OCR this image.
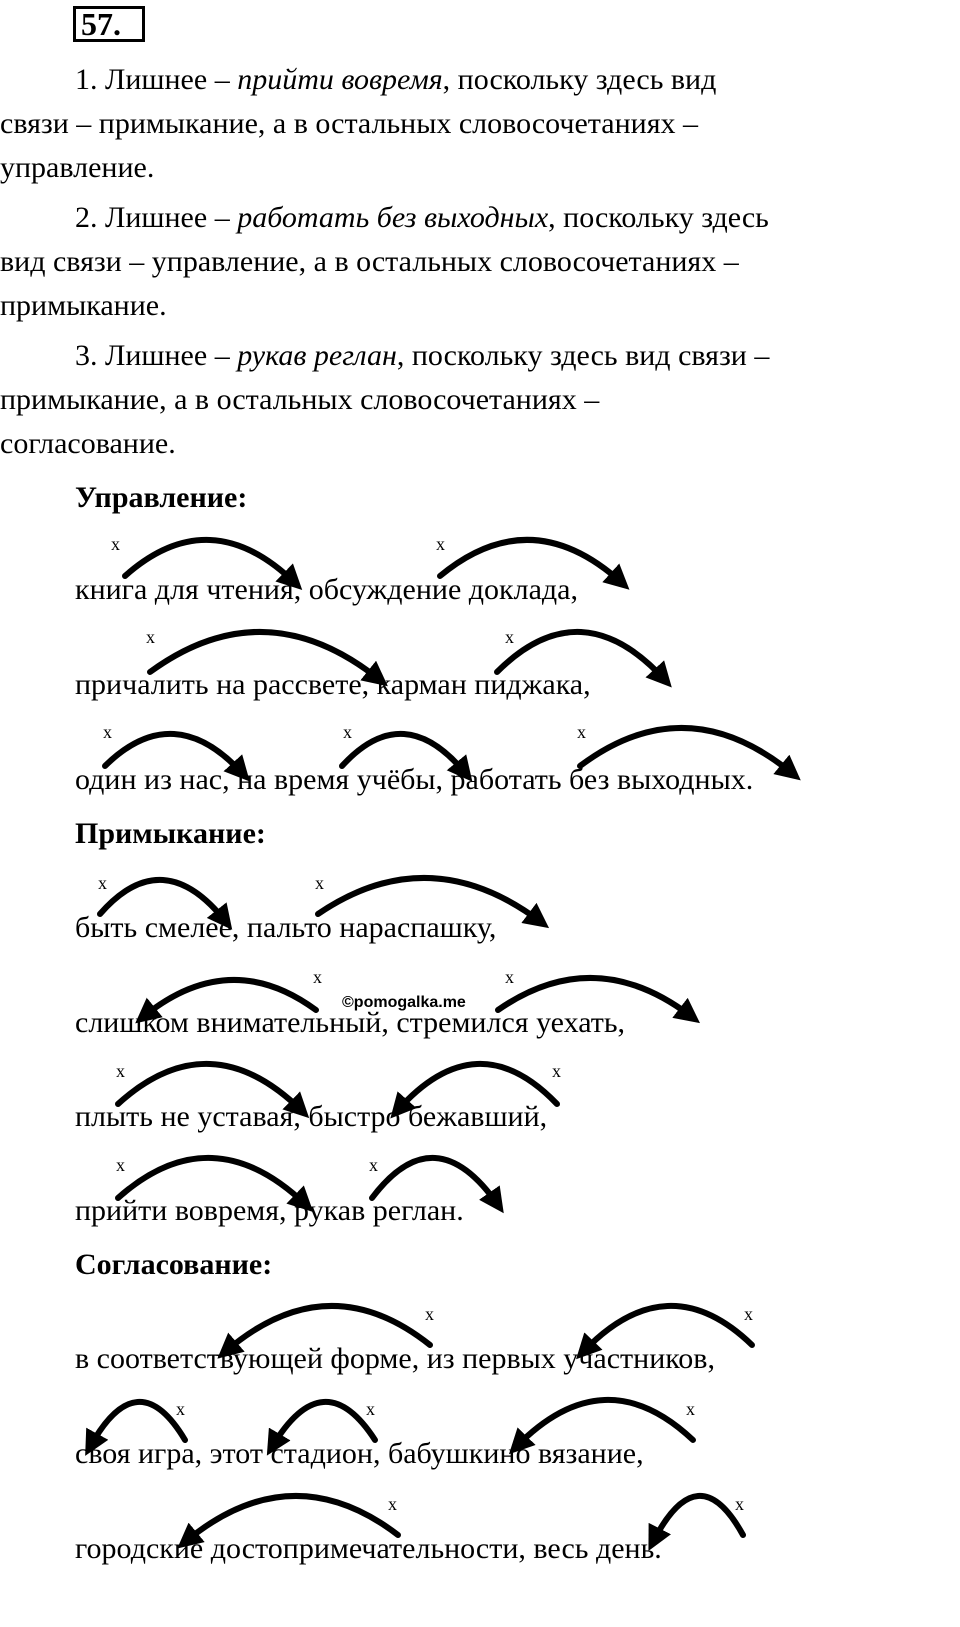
57.
1. Лишнее – прийти вовремя, поскольку здесь вид
связи – примыкание, а в остальных словосочетаниях –
управление.
2. Лишнее – работать без выходных, поскольку здесь
вид связи – управление, а в остальных словосочетаниях –
примыкание.
3. Лишнее – рукав реглан, поскольку здесь вид связи –
примыкание, а в остальных словосочетаниях –
согласование.
Управление:
книга для чтения, обсуждение доклада,
причалить на рассвете, карман пиджака,
один из нас, на время учёбы, работать без выходных.
Примыкание:
быть смелее, пальто нараспашку,
слишком внимательный, стремился уехать,
плыть не уставая, быстро бежавший,
прийти вовремя, рукав реглан.
Согласование:
в соответствующей форме, из первых участников,
своя игра, этот стадион, бабушкино вязание,
городские достопримечательности, весь день.
©pomogalka.me
x	x
x	x
x	x	x
x	x
x	x
x	x
x	x
x	x
x	x	x
x	x
